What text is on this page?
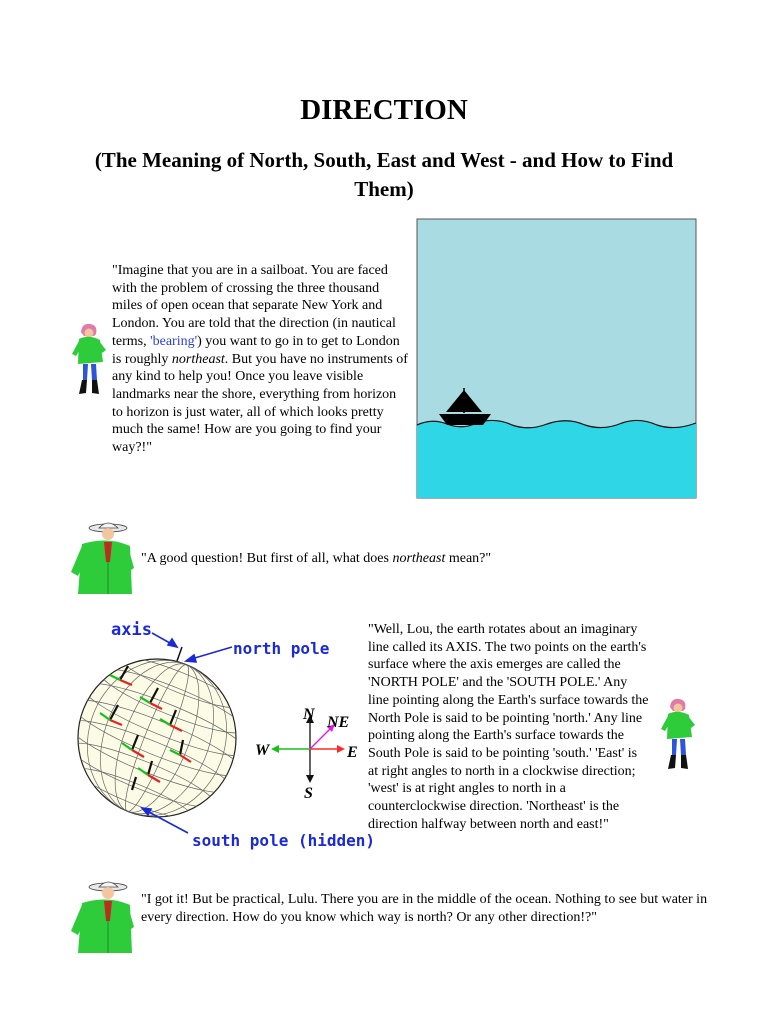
DIRECTION
(The Meaning of North, South, East and West - and How to Find Them)
"Imagine that you are in a sailboat. You are faced with the problem of crossing the three thousand miles of open ocean that separate New York and London. You are told that the direction (in nautical terms, 'bearing') you want to go in to get to London is roughly northeast. But you have no instruments of any kind to help you! Once you leave visible landmarks near the shore, everything from horizon to horizon is just water, all of which looks pretty much the same! How are you going to find your way?!"
"A good question! But first of all, what does northeast mean?"
axis
north pole
south pole (hidden)
N NE
E
S
W
"Well, Lou, the earth rotates about an imaginary line called its AXIS. The two points on the earth's surface where the axis emerges are called the 'NORTH POLE' and the 'SOUTH POLE.' Any line pointing along the Earth's surface towards the North Pole is said to be pointing 'north.' Any line pointing along the Earth's surface towards the South Pole is said to be pointing 'south.' 'East' is at right angles to north in a clockwise direction; 'west' is at right angles to north in a counterclockwise direction. 'Northeast' is the direction halfway between north and east!"
"I got it! But be practical, Lulu. There you are in the middle of the ocean. Nothing to see but water in every direction. How do you know which way is north? Or any other direction!?"
